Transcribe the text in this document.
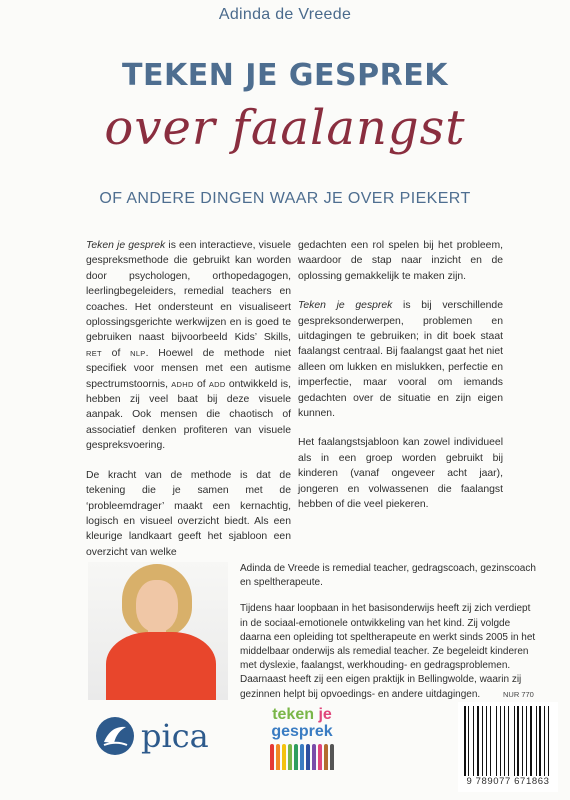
Adinda de Vreede
TEKEN JE GESPREK
over faalangst
OF ANDERE DINGEN WAAR JE OVER PIEKERT

Teken je gesprek is een interactieve, visuele gespreksmethode die gebruikt kan worden door psychologen, orthopedagogen, leerlingbegeleiders, remedial teachers en coaches. Het ondersteunt en visualiseert oplossingsgerichte werkwijzen en is goed te gebruiken naast bijvoorbeeld Kids’ Skills, RET of NLP. Hoewel de methode niet specifiek voor mensen met een autisme spectrumstoornis, ADHD of ADD ontwikkeld is, hebben zij veel baat bij deze visuele aanpak. Ook mensen die chaotisch of associatief denken profiteren van visuele gespreksvoering.

De kracht van de methode is dat de tekening die je samen met de ‘probleemdrager’ maakt een kernachtig, logisch en visueel overzicht biedt. Als een kleurige landkaart geeft het sjabloon een overzicht van welke

gedachten een rol spelen bij het probleem, waardoor de stap naar inzicht en de oplossing gemakkelijk te maken zijn.

Teken je gesprek is bij verschillende gespreksonderwerpen, problemen en uitdagingen te gebruiken; in dit boek staat faalangst centraal. Bij faalangst gaat het niet alleen om lukken en mislukken, perfectie en imperfectie, maar vooral om iemands gedachten over de situatie en zijn eigen kunnen.

Het faalangstsjabloon kan zowel individueel als in een groep worden gebruikt bij kinderen (vanaf ongeveer acht jaar), jongeren en volwassenen die faalangst hebben of die veel piekeren.

Adinda de Vreede is remedial teacher, gedragscoach, gezinscoach en speltherapeute.

Tijdens haar loopbaan in het basisonderwijs heeft zij zich verdiept in de sociaal-emotionele ontwikkeling van het kind. Zij volgde daarna een opleiding tot speltherapeute en werkt sinds 2005 in het middelbaar onderwijs als remedial teacher. Ze begeleidt kinderen met dyslexie, faalangst, werkhouding- en gedragsproblemen. Daarnaast heeft zij een eigen praktijk in Bellingwolde, waarin zij gezinnen helpt bij opvoedings- en andere uitdagingen.	NUR 770
pica
teken je
gesprek
9 789077 671863
